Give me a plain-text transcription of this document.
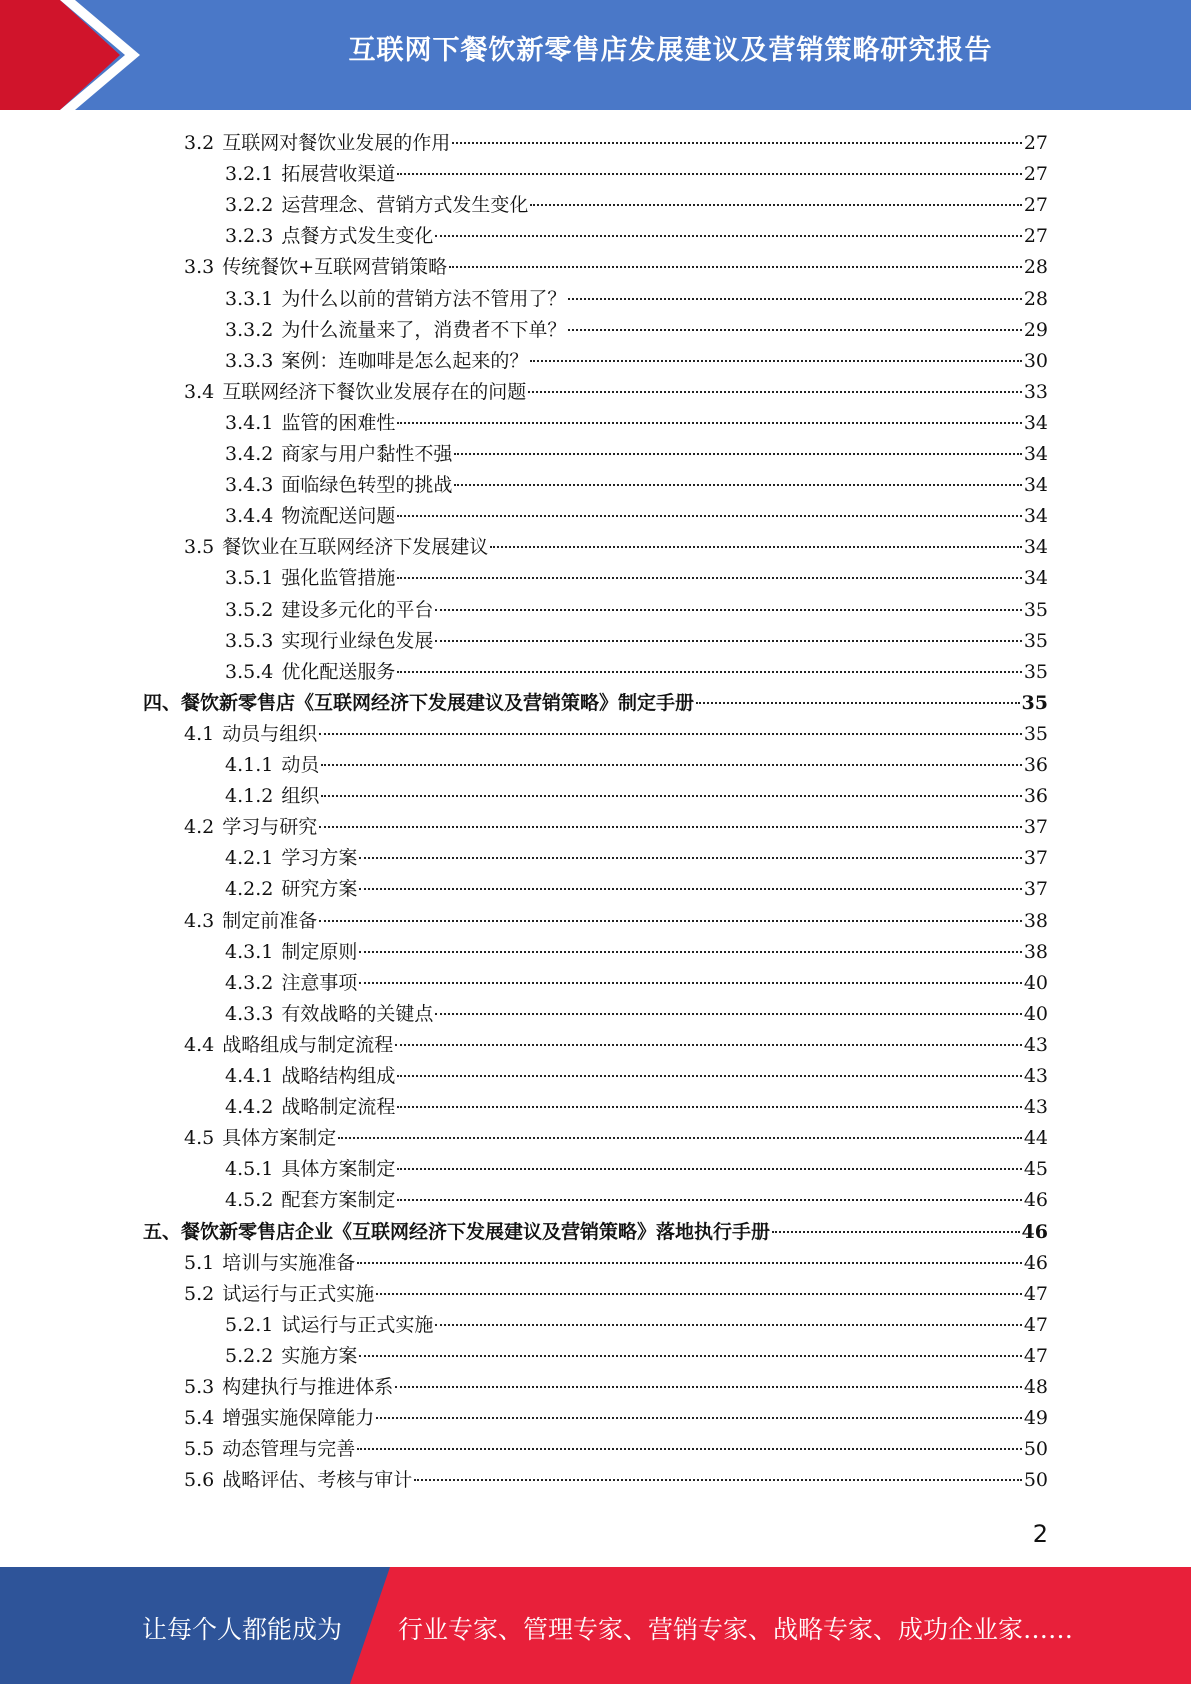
互联网下餐饮新零售店发展建议及营销策略研究报告
3.2 互联网对餐饮业发展的作用	27
3.2.1 拓展营收渠道	27
3.2.2 运营理念、营销方式发生变化	27
3.2.3 点餐方式发生变化	27
3.3 传统餐饮+互联网营销策略	28
3.3.1 为什么以前的营销方法不管用了？	28
3.3.2 为什么流量来了，消费者不下单？	29
3.3.3 案例：连咖啡是怎么起来的？	30
3.4 互联网经济下餐饮业发展存在的问题	33
3.4.1 监管的困难性	34
3.4.2 商家与用户黏性不强	34
3.4.3 面临绿色转型的挑战	34
3.4.4 物流配送问题	34
3.5 餐饮业在互联网经济下发展建议	34
3.5.1 强化监管措施	34
3.5.2 建设多元化的平台	35
3.5.3 实现行业绿色发展	35
3.5.4 优化配送服务	35
四、 餐饮新零售店《互联网经济下发展建议及营销策略》制定手册	35
4.1 动员与组织	35
4.1.1 动员	36
4.1.2 组织	36
4.2 学习与研究	37
4.2.1 学习方案	37
4.2.2 研究方案	37
4.3 制定前准备	38
4.3.1 制定原则	38
4.3.2 注意事项	40
4.3.3 有效战略的关键点	40
4.4 战略组成与制定流程	43
4.4.1 战略结构组成	43
4.4.2 战略制定流程	43
4.5 具体方案制定	44
4.5.1 具体方案制定	45
4.5.2 配套方案制定	46
五、 餐饮新零售店企业《互联网经济下发展建议及营销策略》落地执行手册	46
5.1 培训与实施准备	46
5.2 试运行与正式实施	47
5.2.1 试运行与正式实施	47
5.2.2 实施方案	47
5.3 构建执行与推进体系	48
5.4 增强实施保障能力	49
5.5 动态管理与完善	50
5.6 战略评估、考核与审计	50
2
让每个人都能成为 行业专家、管理专家、营销专家、战略专家、成功企业家……
